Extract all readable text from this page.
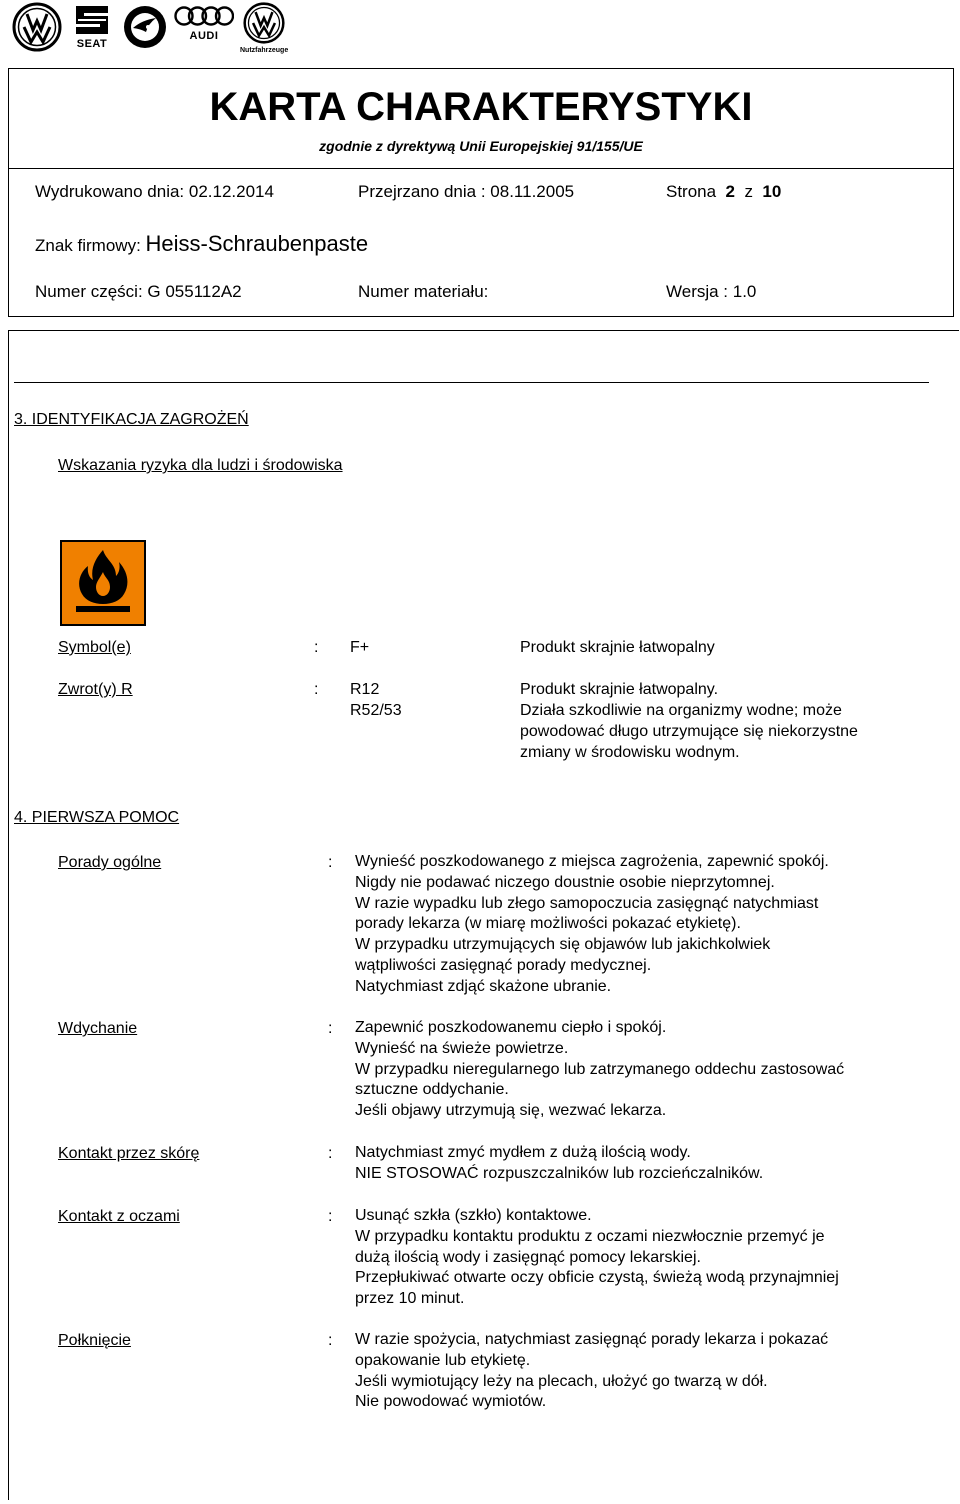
SEAT
AUDI
Nutzfahrzeuge
KARTA CHARAKTERYSTYKI
zgodnie z dyrektywą Unii Europejskiej 91/155/UE
Wydrukowano dnia: 02.12.2014	Przejrzano dnia : 08.11.2005	Strona 2 z 10
Znak firmowy: Heiss-Schraubenpaste
Numer części: G 055112A2	Numer materiału:	Wersja : 1.0
3. IDENTYFIKACJA ZAGROŻEŃ
Wskazania ryzyka dla ludzi i środowiska
Symbol(e)	: F+	Produkt skrajnie łatwopalny
Zwrot(y) R	: R12	Produkt skrajnie łatwopalny.
R52/53	Działa szkodliwie na organizmy wodne; może
powodować długo utrzymujące się niekorzystne
zmiany w środowisku wodnym.
4. PIERWSZA POMOC
Porady ogólne	: Wynieść poszkodowanego z miejsca zagrożenia, zapewnić spokój.
Nigdy nie podawać niczego doustnie osobie nieprzytomnej.
W razie wypadku lub złego samopoczucia zasięgnąć natychmiast
porady lekarza (w miarę możliwości pokazać etykietę).
W przypadku utrzymujących się objawów lub jakichkolwiek
wątpliwości zasięgnąć porady medycznej.
Natychmiast zdjąć skażone ubranie.
Wdychanie	: Zapewnić poszkodowanemu ciepło i spokój.
Wynieść na świeże powietrze.
W przypadku nieregularnego lub zatrzymanego oddechu zastosować
sztuczne oddychanie.
Jeśli objawy utrzymują się, wezwać lekarza.
Kontakt przez skórę	: Natychmiast zmyć mydłem z dużą ilością wody.
NIE STOSOWAĆ rozpuszczalników lub rozcieńczalników.
Kontakt z oczami	: Usunąć szkła (szkło) kontaktowe.
W przypadku kontaktu produktu z oczami niezwłocznie przemyć je
dużą ilością wody i zasięgnąć pomocy lekarskiej.
Przepłukiwać otwarte oczy obficie czystą, świeżą wodą przynajmniej
przez 10 minut.
Połknięcie	: W razie spożycia, natychmiast zasięgnąć porady lekarza i pokazać
opakowanie lub etykietę.
Jeśli wymiotujący leży na plecach, ułożyć go twarzą w dół.
Nie powodować wymiotów.
